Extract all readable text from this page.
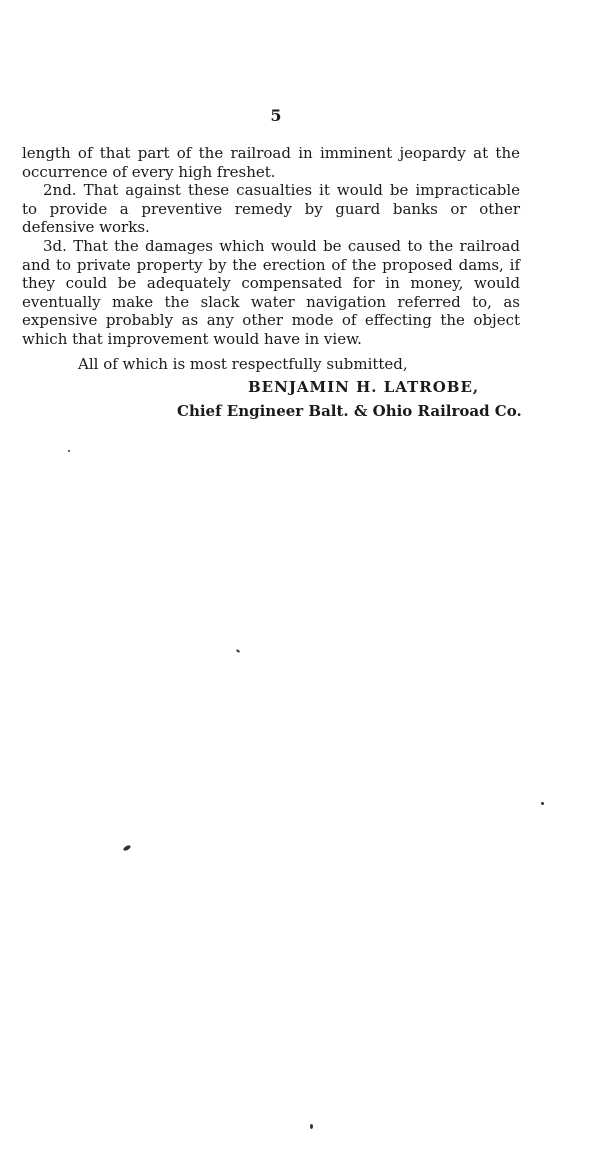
5

length of that part of the railroad in imminent jeopardy at the occurrence of every high freshet.

2nd. That against these casualties it would be impracticable to provide a preventive remedy by guard banks or other defensive works.

3d. That the damages which would be caused to the railroad and to private property by the erection of the proposed dams, if they could be adequately compensated for in money, would eventually make the slack water navigation referred to, as expensive probably as any other mode of effecting the object which that improvement would have in view.

All of which is most respectfully submitted,
BENJAMIN H. LATROBE,
Chief Engineer Balt. & Ohio Railroad Co.
